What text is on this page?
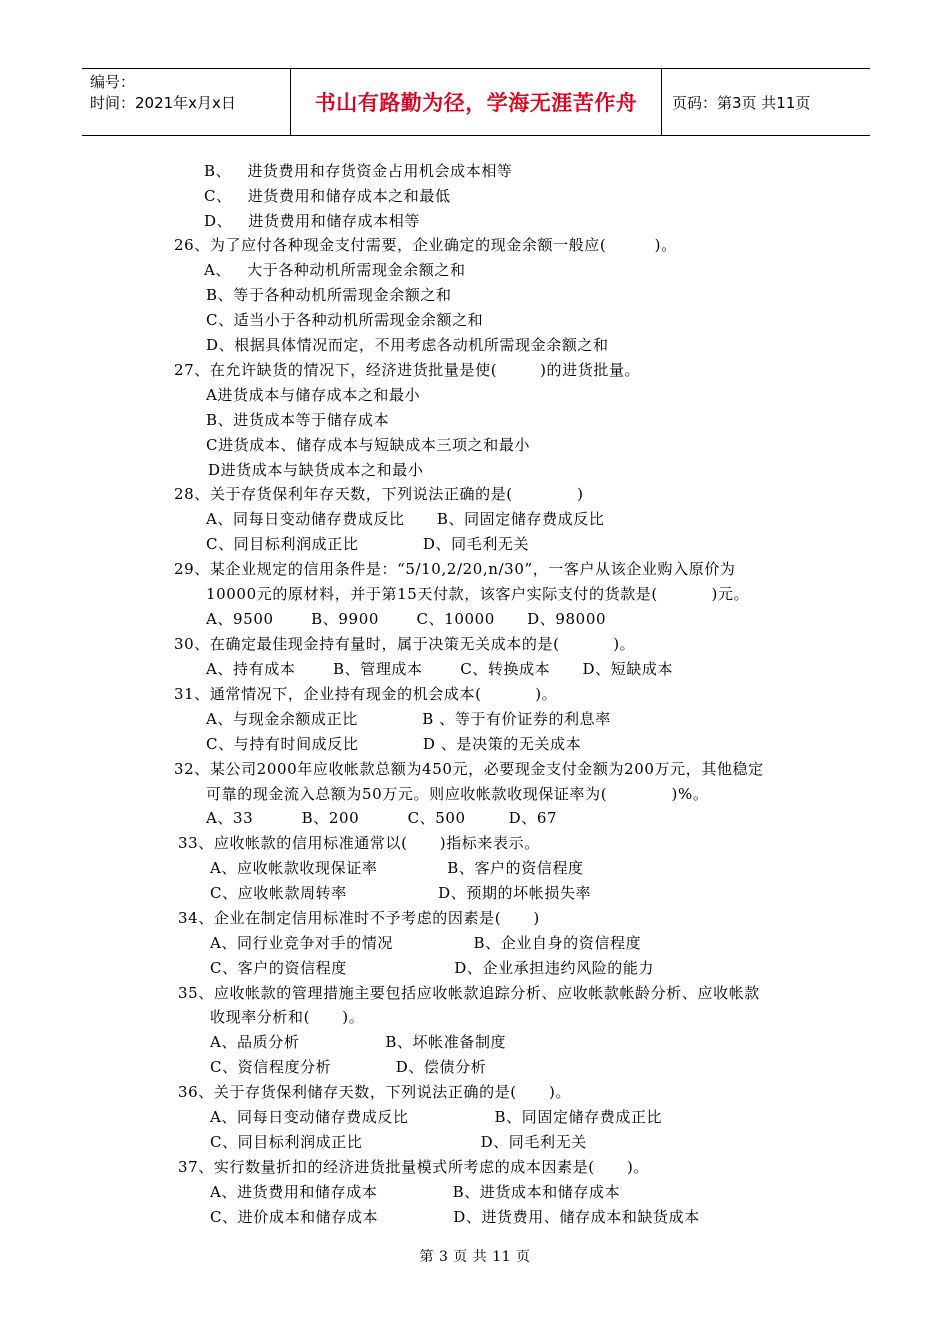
编号：
时间：2021年x月x日	书山有路勤为径，学海无涯苦作舟	页码：第3页 共11页
B、   进货费用和存货资金占用机会成本相等
C、   进货费用和储存成本之和最低
D、   进货费用和储存成本相等
26、为了应付各种现金支付需要，企业确定的现金余额一般应(         )。
A、   大于各种动机所需现金余额之和
B、等于各种动机所需现金余额之和
C、适当小于各种动机所需现金余额之和
D、根据具体情况而定，不用考虑各动机所需现金余额之和
27、在允许缺货的情况下，经济进货批量是使(        )的进货批量。
A进货成本与储存成本之和最小
B、进货成本等于储存成本
C进货成本、储存成本与短缺成本三项之和最小
D进货成本与缺货成本之和最小
28、关于存货保利年存天数，下列说法正确的是(            )
A、同每日变动储存费成反比      B、同固定储存费成反比
C、同目标利润成正比            D、同毛利无关
29、某企业规定的信用条件是：“5/10,2/20,n/30”，一客户从该企业购入原价为
10000元的原材料，并于第15天付款，该客户实际支付的货款是(          )元。
A、9500       B、9900       C、10000      D、98000
30、在确定最佳现金持有量时，属于决策无关成本的是(          )。
A、持有成本       B、管理成本       C、转换成本      D、短缺成本
31、通常情况下，企业持有现金的机会成本(          )。
A、与现金余额成正比            B 、等于有价证券的利息率
C、与持有时间成反比            D 、是决策的无关成本
32、某公司2000年应收帐款总额为450元，必要现金支付金额为200万元，其他稳定
可靠的现金流入总额为50万元。则应收帐款收现保证率为(            )%。
A、33         B、200         C、500        D、67
33、应收帐款的信用标准通常以(      )指标来表示。
A、应收帐款收现保证率             B、客户的资信程度
C、应收帐款周转率                 D、预期的坏帐损失率
34、企业在制定信用标准时不予考虑的因素是(      )
A、同行业竞争对手的情况               B、企业自身的资信程度
C、客户的资信程度                    D、企业承担违约风险的能力
35、应收帐款的管理措施主要包括应收帐款追踪分析、应收帐款帐龄分析、应收帐款
收现率分析和(      )。
A、品质分析                B、坏帐准备制度
C、资信程度分析            D、偿债分析
36、关于存货保利储存天数，下列说法正确的是(      )。
A、同每日变动储存费成反比                B、同固定储存费成正比
C、同目标利润成正比                      D、同毛利无关
37、实行数量折扣的经济进货批量模式所考虑的成本因素是(      )。
A、进货费用和储存成本              B、进货成本和储存成本
C、进价成本和储存成本              D、进货费用、储存成本和缺货成本
第 3 页 共 11 页
